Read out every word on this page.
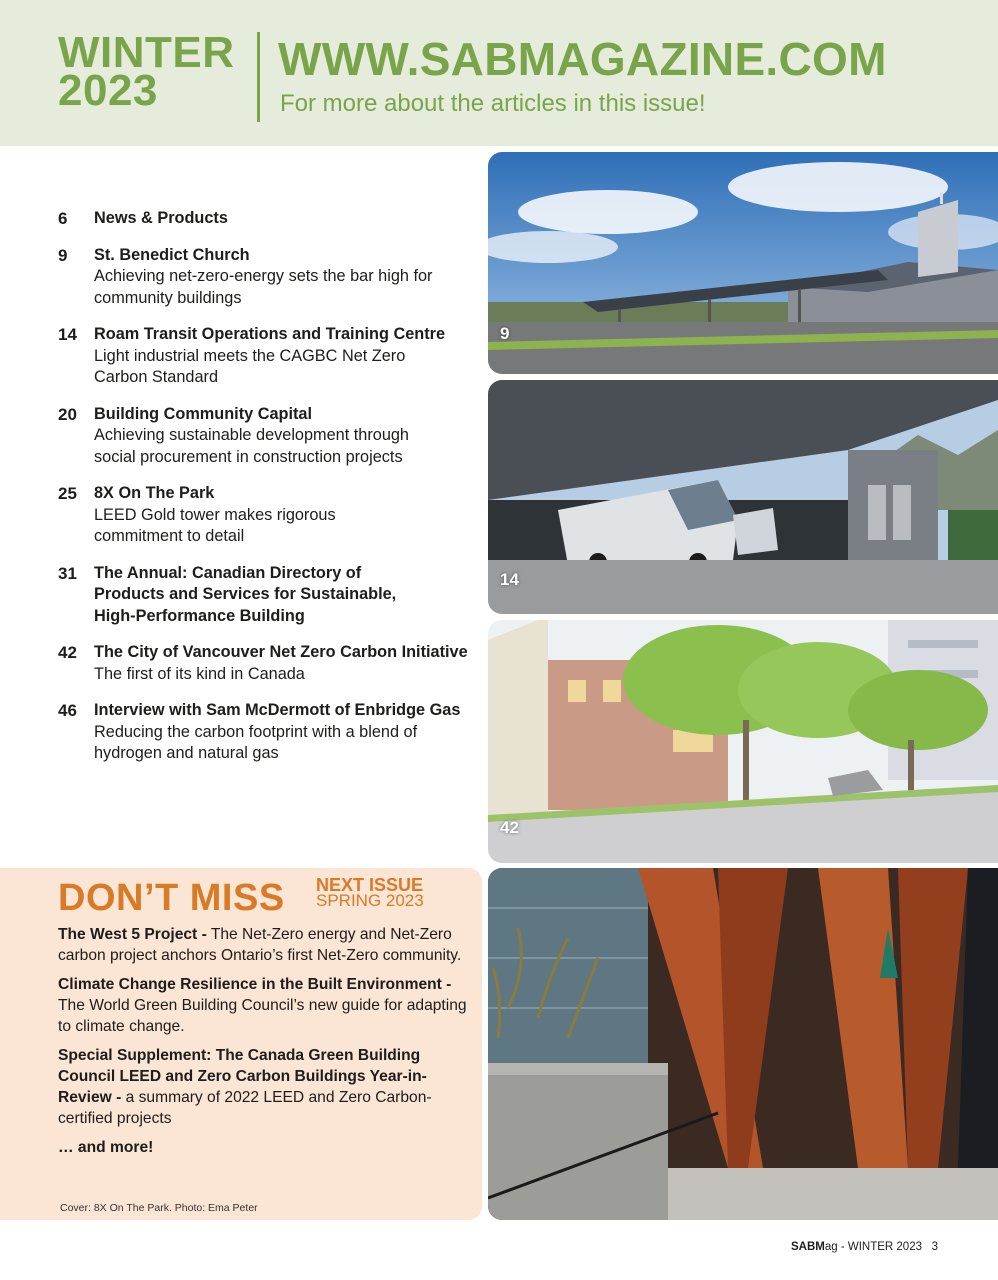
WINTER
2023
WWW.SABMAGAZINE.COM
For more about the articles in this issue!
6 News & Products
9 St. Benedict Church
Achieving net-zero-energy sets the bar high for community buildings
14 Roam Transit Operations and Training Centre
Light industrial meets the CAGBC Net Zero Carbon Standard
20 Building Community Capital
Achieving sustainable development through social procurement in construction projects
25 8X On The Park
LEED Gold tower makes rigorous commitment to detail
31 The Annual: Canadian Directory of Products and Services for Sustainable, High-Performance Building
42 The City of Vancouver Net Zero Carbon Initiative
The first of its kind in Canada
46 Interview with Sam McDermott of Enbridge Gas
Reducing the carbon footprint with a blend of hydrogen and natural gas
9
14
42
DON’T MISS NEXT ISSUE
SPRING 2023

The West 5 Project - The Net-Zero energy and Net-Zero carbon project anchors Ontario’s first Net-Zero community.

Climate Change Resilience in the Built Environment - The World Green Building Council’s new guide for adapting to climate change.

Special Supplement: The Canada Green Building Council LEED and Zero Carbon Buildings Year-in-Review - a summary of 2022 LEED and Zero Carbon-certified projects

… and more!

Cover: 8X On The Park. Photo: Ema Peter
SABMag - WINTER 2023 3
